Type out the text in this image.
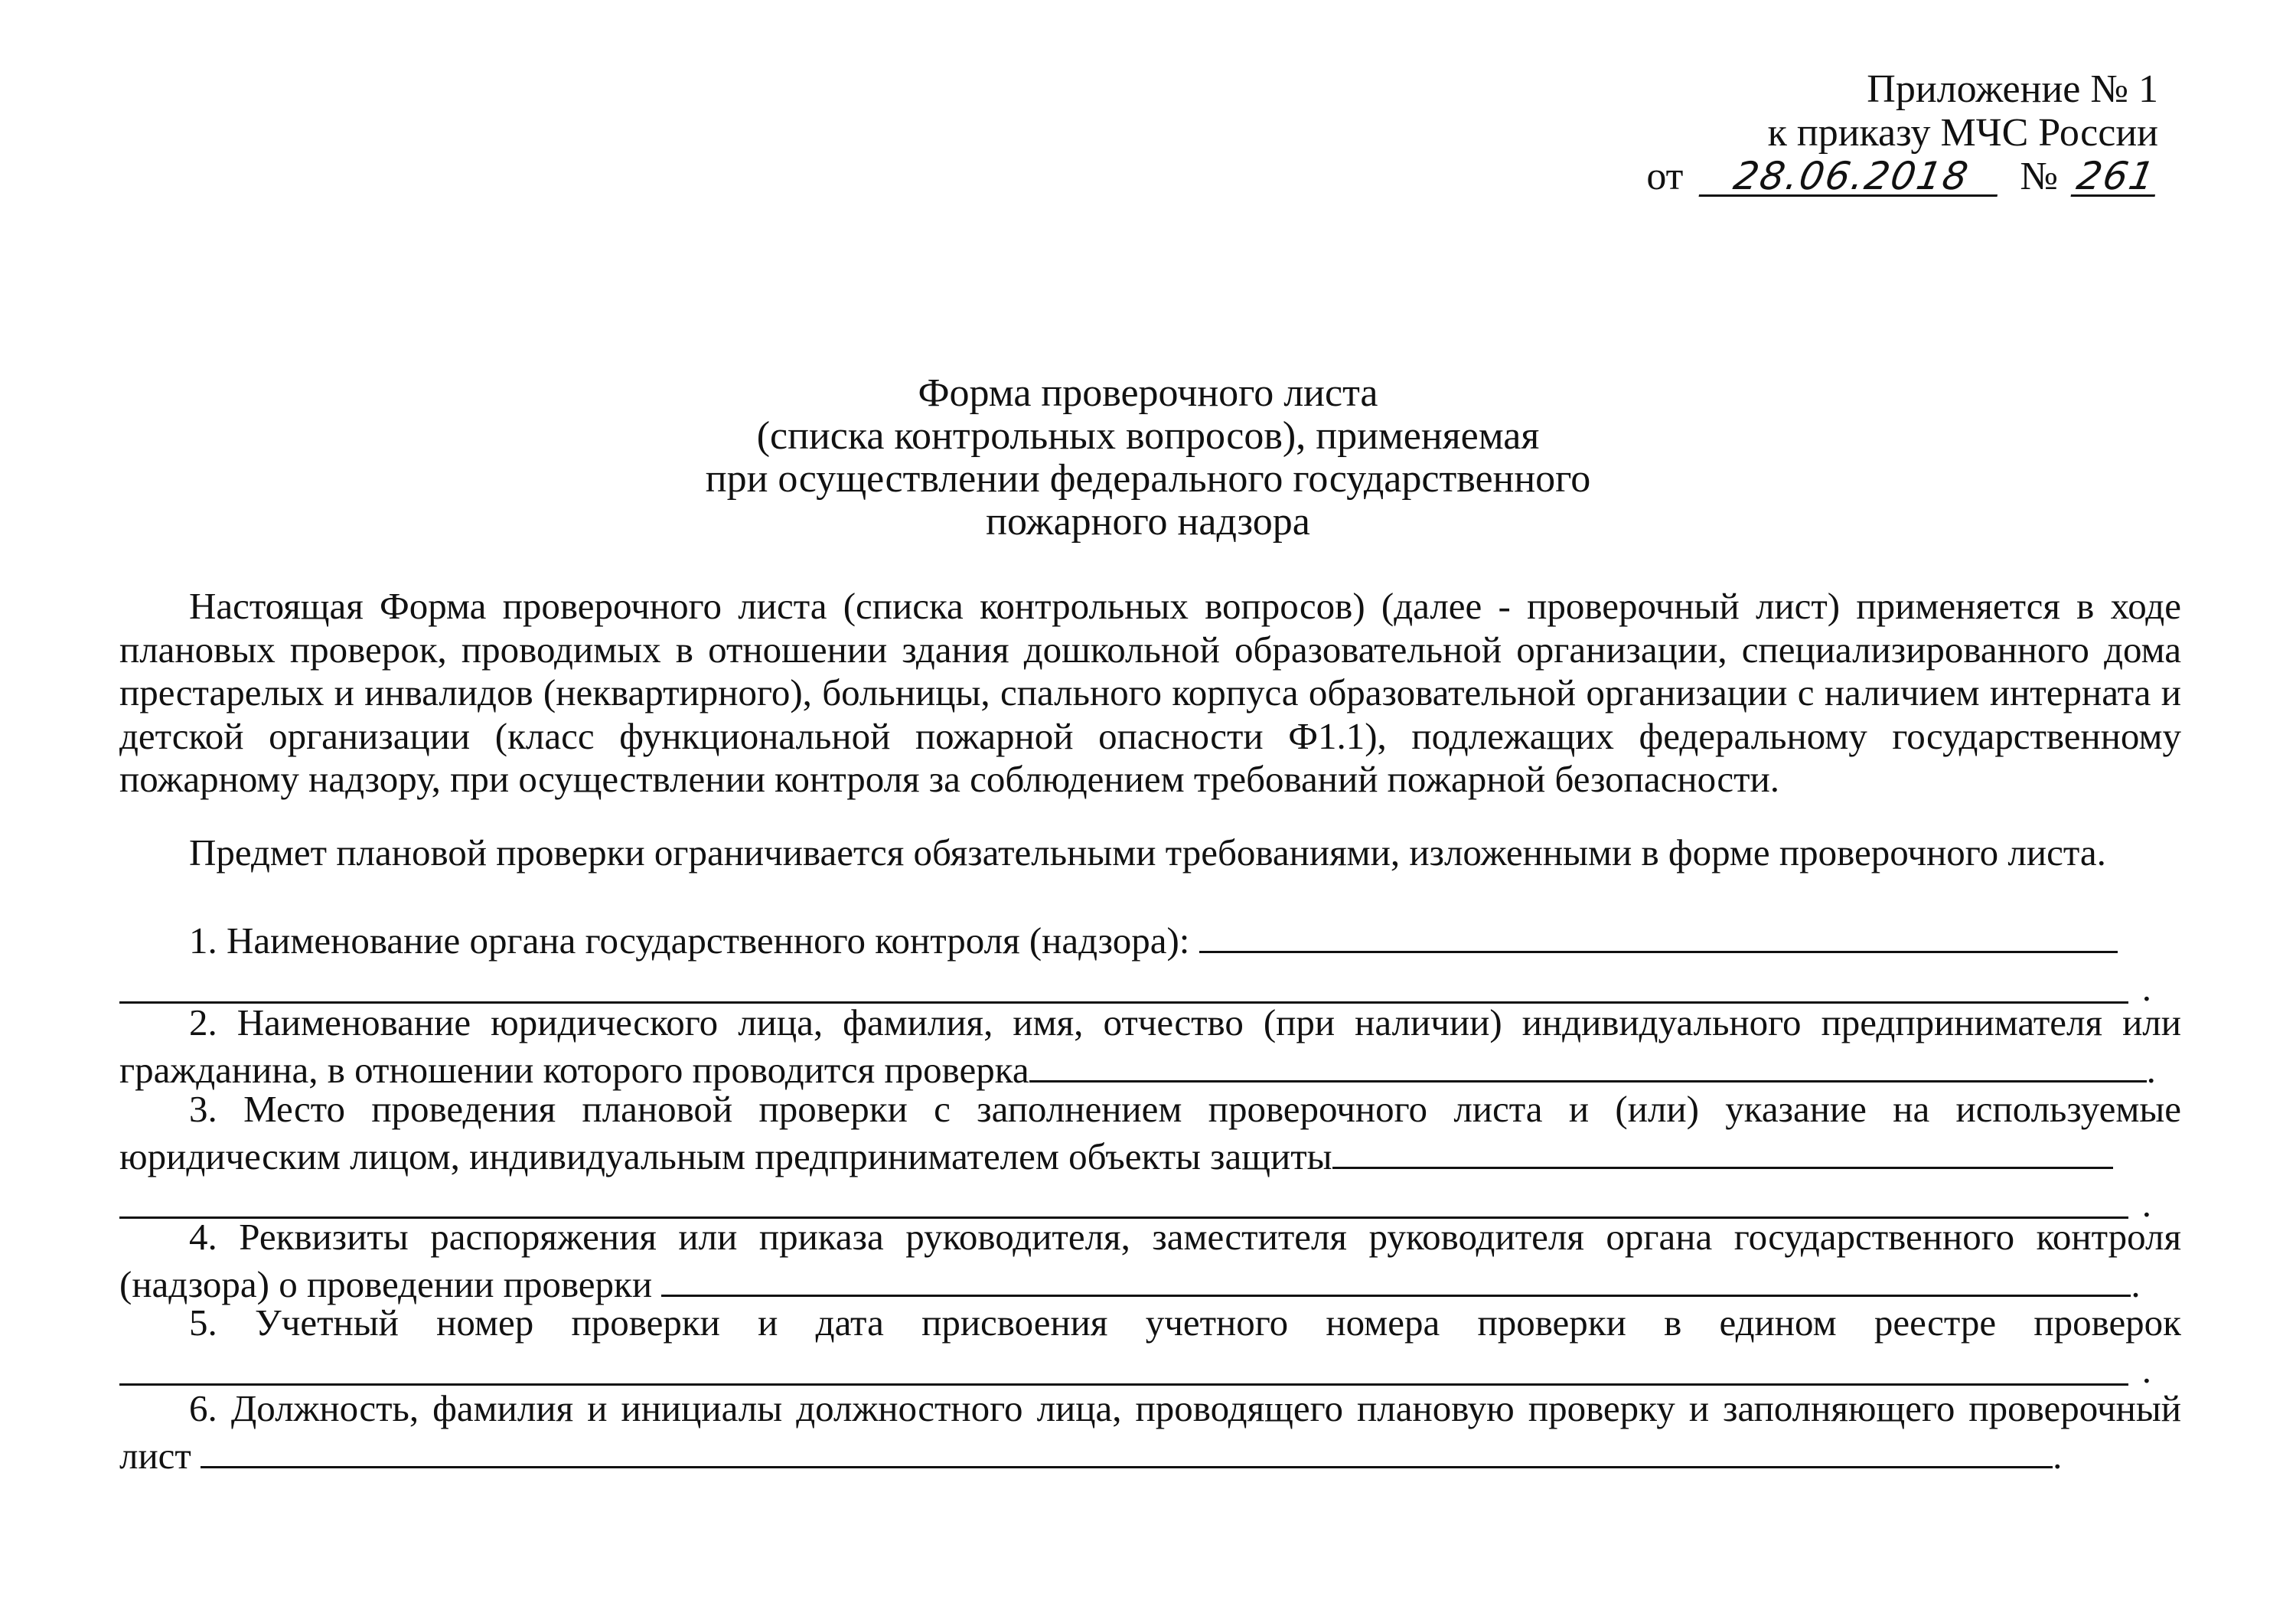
Приложение № 1
к приказу МЧС России
от 28.06.2018 № 261
Форма проверочного листа
(списка контрольных вопросов), применяемая
при осуществлении федерального государственного
пожарного надзора

Настоящая Форма проверочного листа (списка контрольных вопросов) (далее - проверочный лист) применяется в ходе плановых проверок, проводимых в отношении здания дошкольной образовательной организации, специализированного дома престарелых и инвалидов (неквартирного), больницы, спального корпуса образовательной организации с наличием интерната и детской организации (класс функциональной пожарной опасности Ф1.1), подлежащих федеральному государственному пожарному надзору, при осуществлении контроля за соблюдением требований пожарной безопасности.

Предмет плановой проверки ограничивается обязательными требованиями, изложенными в форме проверочного листа.

1. Наименование органа государственного контроля (надзора):

.

2. Наименование юридического лица, фамилия, имя, отчество (при наличии) индивидуального предпринимателя или гражданина, в отношении которого проводится проверка	.

3. Место проведения плановой проверки с заполнением проверочного листа и (или) указание на используемые юридическим лицом, индивидуальным предпринимателем объекты защиты

.

4. Реквизиты распоряжения или приказа руководителя, заместителя руководителя органа государственного контроля (надзора) о проведении проверки	.

5. Учетный номер проверки и дата присвоения учетного номера проверки в едином реестре проверок

.

6. Должность, фамилия и инициалы должностного лица, проводящего плановую проверку и заполняющего проверочный лист	.
